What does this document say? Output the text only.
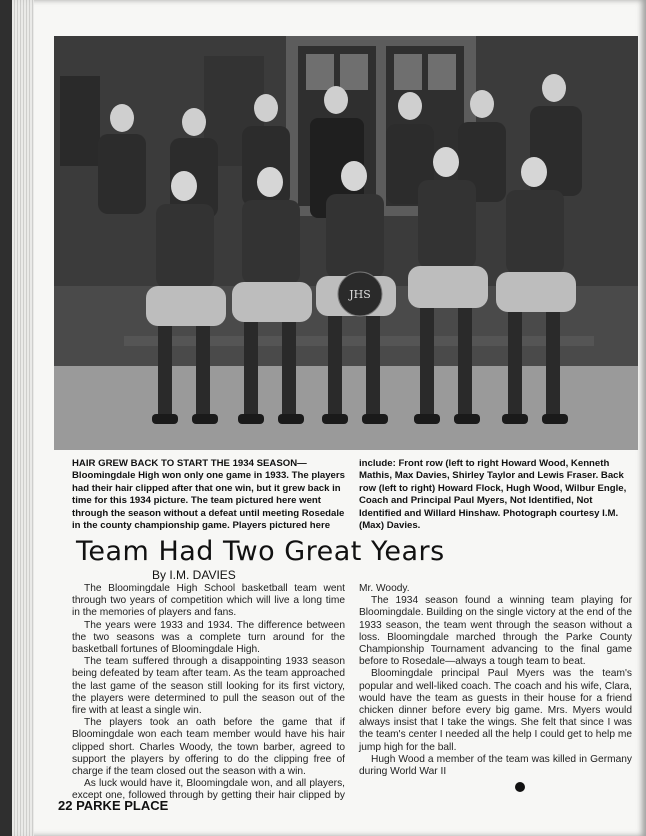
JHS
HAIR GREW BACK TO START THE 1934 SEASON— Bloomingdale High won only one game in 1933. The players had their hair clipped after that one win, but it grew back in time for this 1934 picture. The team pictured here went through the season without a defeat until meeting Rosedale in the county championship game. Players pictured here include: Front row (left to right Howard Wood, Kenneth Mathis, Max Davies, Shirley Taylor and Lewis Fraser. Back row (left to right) Howard Flock, Hugh Wood, Wilbur Engle, Coach and Principal Paul Myers, Not Identified, Not Identified and Willard Hinshaw. Photograph courtesy I.M. (Max) Davies.
Team Had Two Great Years
By I.M. DAVIES

The Bloomingdale High School basketball team went through two years of competition which will live a long time in the memories of players and fans.

The years were 1933 and 1934. The difference between the two seasons was a complete turn around for the basketball fortunes of Bloomingdale High.

The team suffered through a disappointing 1933 season being defeated by team after team. As the team approached the last game of the season still looking for its first victory, the players were determined to pull the season out of the fire with at least a single win.

The players took an oath before the game that if Bloomingdale won each team member would have his hair clipped short. Charles Woody, the town barber, agreed to support the players by offering to do the clipping free of charge if the team closed out the season with a win.

As luck would have it, Bloomingdale won, and all players, except one, followed through by getting their hair clipped by Mr. Woody.

The 1934 season found a winning team playing for Bloomingdale. Building on the single victory at the end of the 1933 season, the team went through the season without a loss. Bloomingdale marched through the Parke County Championship Tournament advancing to the final game before to Rosedale—always a tough team to beat.

Bloomingdale principal Paul Myers was the team's popular and well-liked coach. The coach and his wife, Clara, would have the team as guests in their house for a friend chicken dinner before every big game. Mrs. Myers would always insist that I take the wings. She felt that since I was the team's center I needed all the help I could get to help me jump high for the ball.

Hugh Wood a member of the team was killed in Germany during World War II

22 PARKE PLACE
